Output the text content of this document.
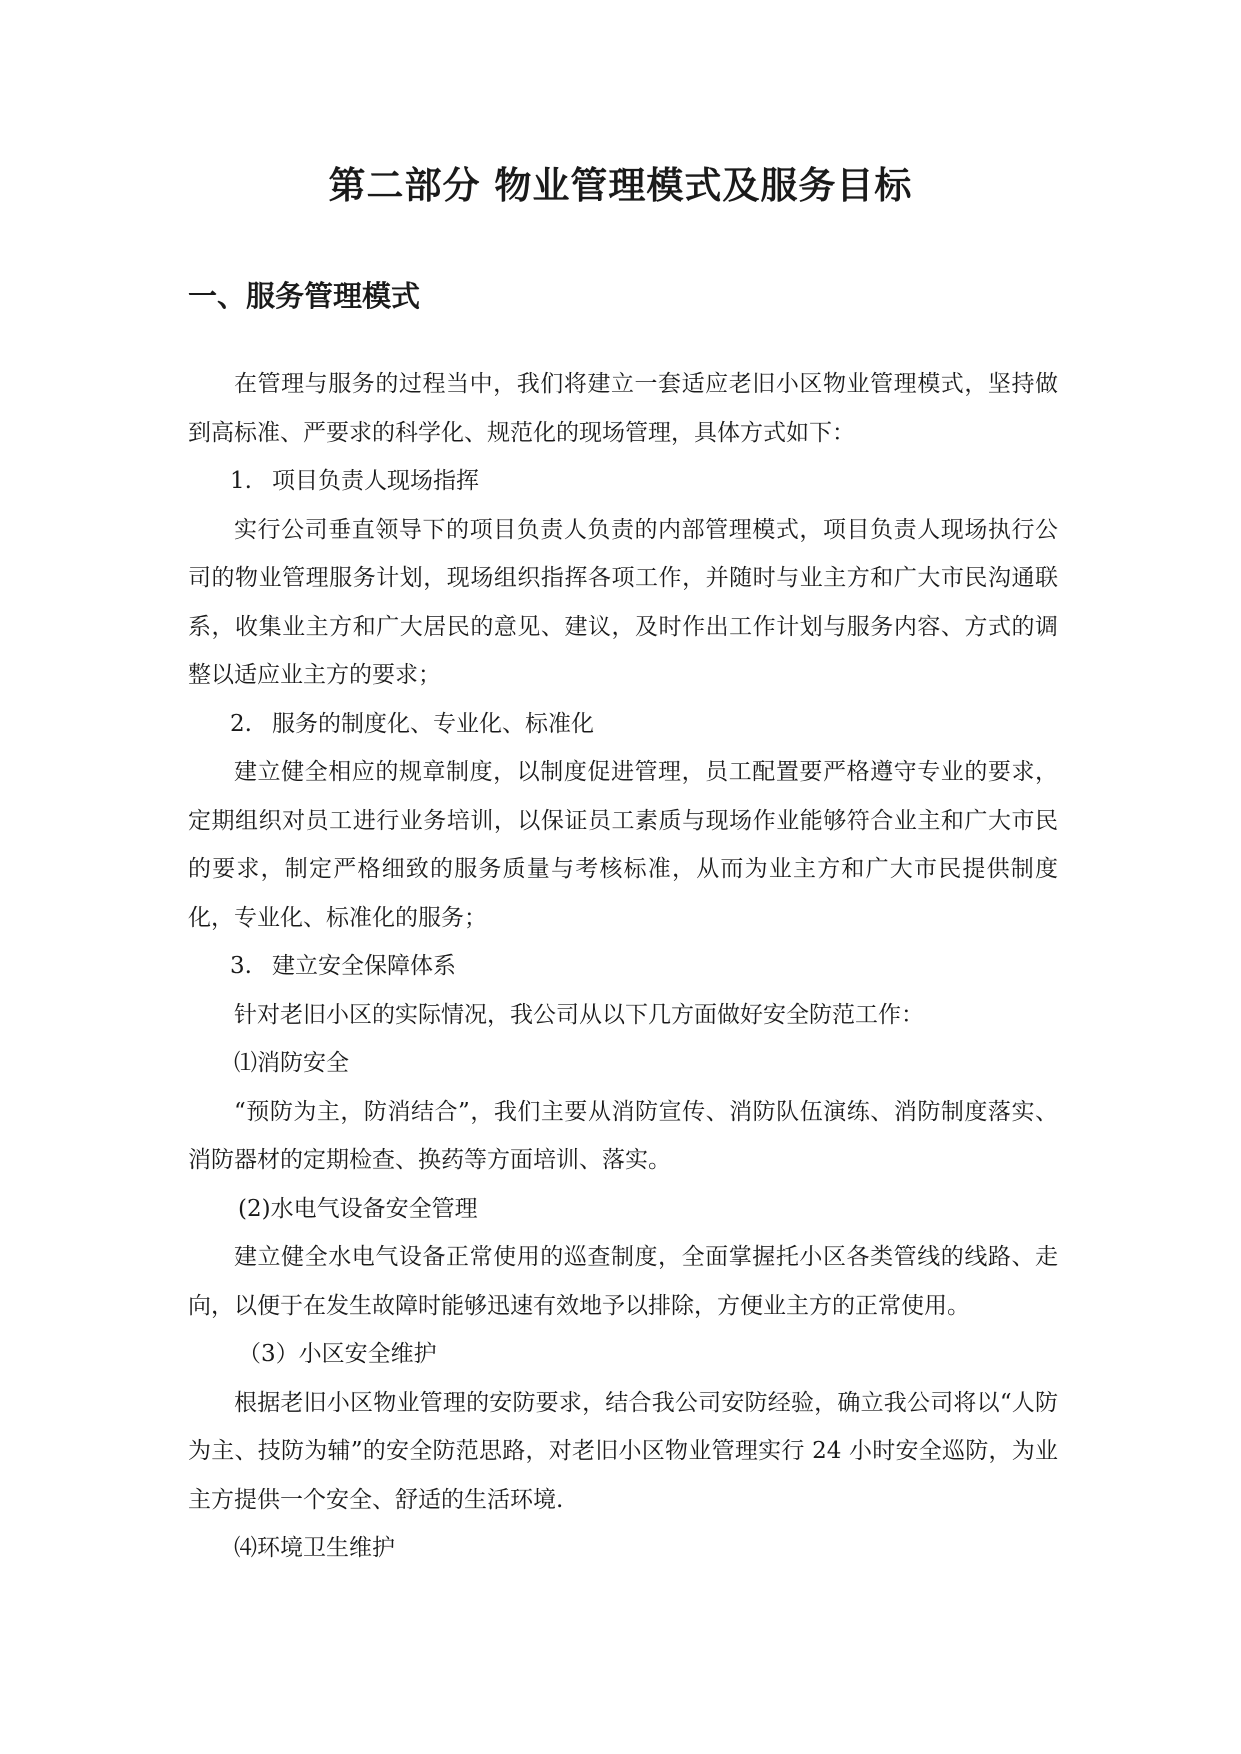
第二部分 物业管理模式及服务目标
一、服务管理模式

在管理与服务的过程当中，我们将建立一套适应老旧小区物业管理模式，坚持做到高标准、严要求的科学化、规范化的现场管理，具体方式如下：

1. 项目负责人现场指挥

实行公司垂直领导下的项目负责人负责的内部管理模式，项目负责人现场执行公司的物业管理服务计划，现场组织指挥各项工作，并随时与业主方和广大市民沟通联系，收集业主方和广大居民的意见、建议，及时作出工作计划与服务内容、方式的调整以适应业主方的要求；

2. 服务的制度化、专业化、标准化

建立健全相应的规章制度，以制度促进管理，员工配置要严格遵守专业的要求，定期组织对员工进行业务培训，以保证员工素质与现场作业能够符合业主和广大市民的要求，制定严格细致的服务质量与考核标准，从而为业主方和广大市民提供制度化，专业化、标准化的服务；

3. 建立安全保障体系

针对老旧小区的实际情况，我公司从以下几方面做好安全防范工作：

⑴消防安全

“预防为主，防消结合”，我们主要从消防宣传、消防队伍演练、消防制度落实、消防器材的定期检查、换药等方面培训、落实。

(2)水电气设备安全管理

建立健全水电气设备正常使用的巡查制度，全面掌握托小区各类管线的线路、走向，以便于在发生故障时能够迅速有效地予以排除，方便业主方的正常使用。

（3）小区安全维护

根据老旧小区物业管理的安防要求，结合我公司安防经验，确立我公司将以“人防为主、技防为辅”的安全防范思路，对老旧小区物业管理实行 24 小时安全巡防，为业主方提供一个安全、舒适的生活环境.

⑷环境卫生维护
